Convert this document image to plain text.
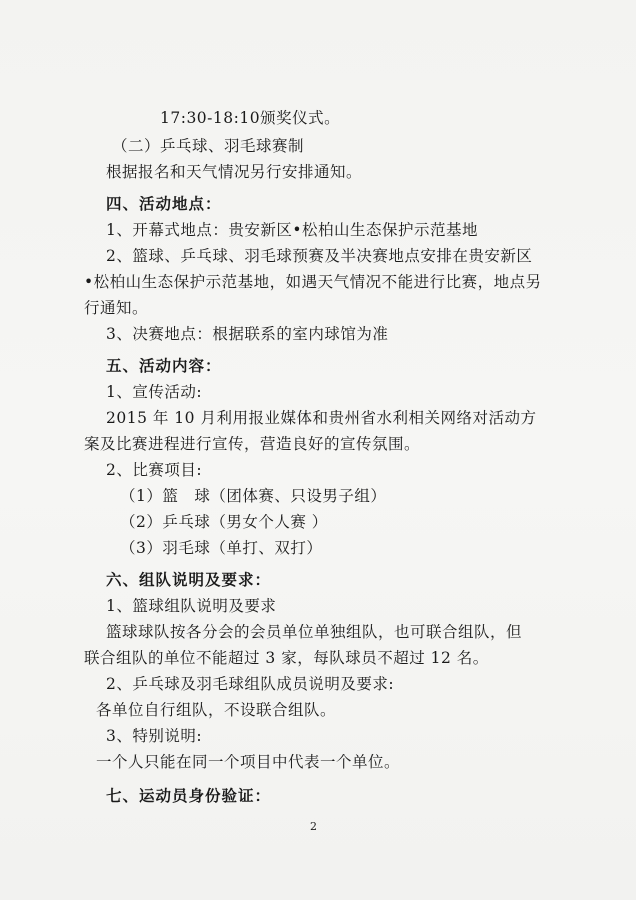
17:30-18:10颁奖仪式。
（二）乒乓球、羽毛球赛制
根据报名和天气情况另行安排通知。
四、活动地点：
1、开幕式地点：贵安新区•松柏山生态保护示范基地
2、篮球、乒乓球、羽毛球预赛及半决赛地点安排在贵安新区
•松柏山生态保护示范基地，如遇天气情况不能进行比赛，地点另
行通知。
3、决赛地点：根据联系的室内球馆为准
五、活动内容：
1、宣传活动:
2015 年 10 月利用报业媒体和贵州省水利相关网络对活动方
案及比赛进程进行宣传，营造良好的宣传氛围。
2、比赛项目:
（1）篮　球（团体赛、只设男子组）
（2）乒乓球（男女个人赛 ）
（3）羽毛球（单打、双打）
六、组队说明及要求：
1、篮球组队说明及要求
篮球球队按各分会的会员单位单独组队，也可联合组队，但
联合组队的单位不能超过 3 家，每队球员不超过 12 名。
2、乒乓球及羽毛球组队成员说明及要求:
各单位自行组队，不设联合组队。
3、特别说明:
一个人只能在同一个项目中代表一个单位。
七、运动员身份验证：
2
